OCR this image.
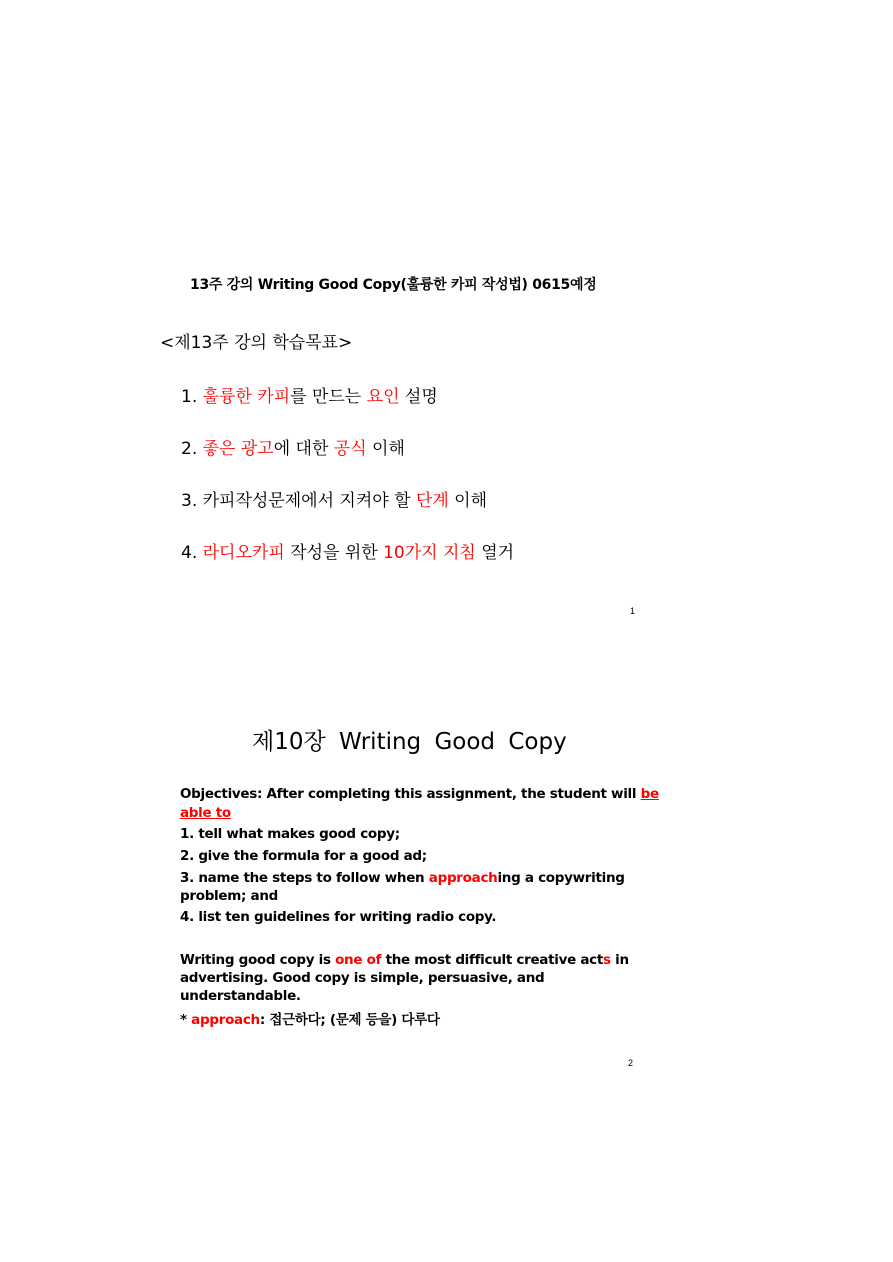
13주 강의 Writing Good Copy(훌륭한 카피 작성법) 0615예정
<제13주 강의 학습목표>
1. 훌륭한 카피를 만드는 요인 설명
2. 좋은 광고에 대한 공식 이해
3. 카피작성문제에서 지켜야 할 단계 이해
4. 라디오카피 작성을 위한 10가지 지침 열거
1
제10장 Writing Good Copy
Objectives: After completing this assignment, the student will be
able to
1. tell what makes good copy;
2. give the formula for a good ad;
3. name the steps to follow when approaching a copywriting
problem; and
4. list ten guidelines for writing radio copy.
Writing good copy is one of the most difficult creative acts in
advertising. Good copy is simple, persuasive, and
understandable.
* approach: 접근하다; (문제 등을) 다루다
2
